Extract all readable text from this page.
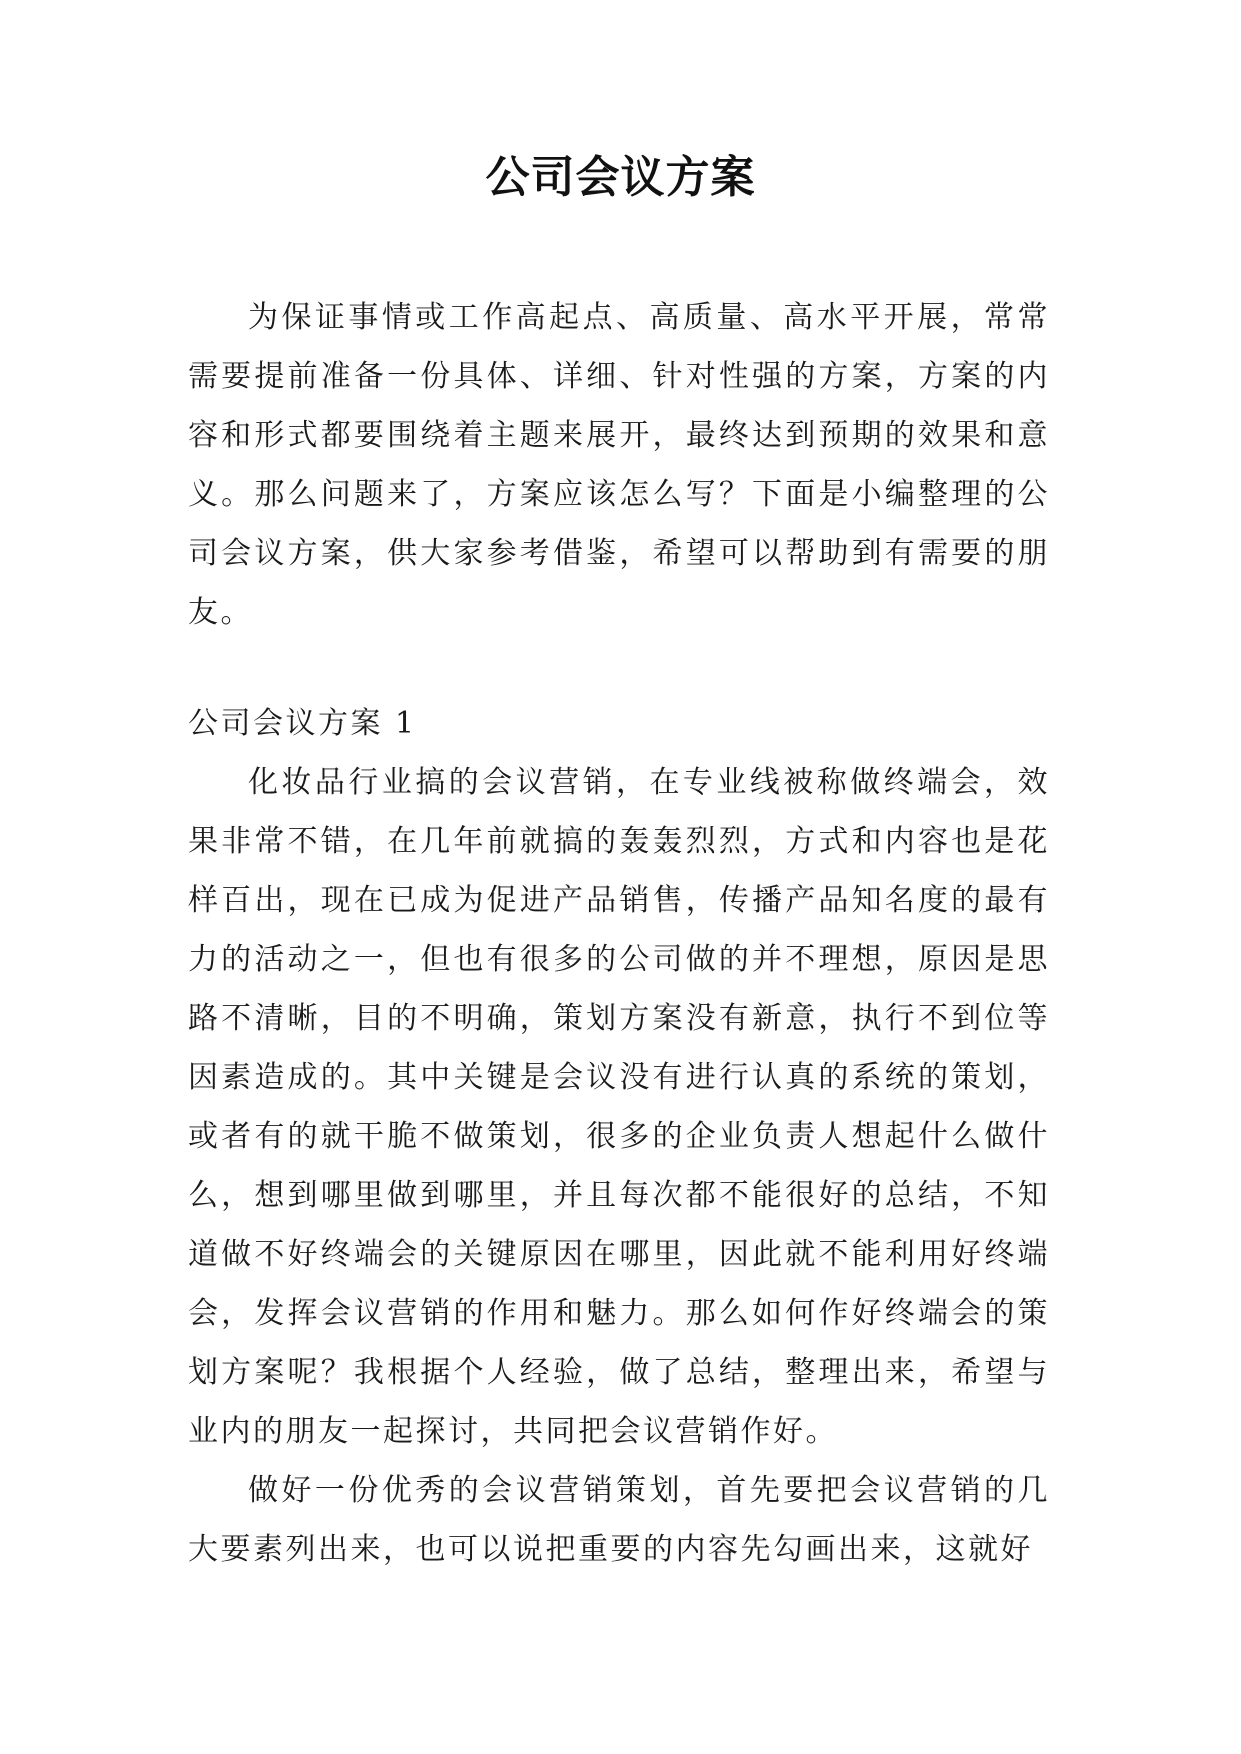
公司会议方案

为保证事情或工作高起点、高质量、高水平开展，常常需要提前准备一份具体、详细、针对性强的方案，方案的内容和形式都要围绕着主题来展开，最终达到预期的效果和意义。那么问题来了，方案应该怎么写？下面是小编整理的公司会议方案，供大家参考借鉴，希望可以帮助到有需要的朋友。

公司会议方案 1

化妆品行业搞的会议营销，在专业线被称做终端会，效果非常不错，在几年前就搞的轰轰烈烈，方式和内容也是花样百出，现在已成为促进产品销售，传播产品知名度的最有力的活动之一，但也有很多的公司做的并不理想，原因是思路不清晰，目的不明确，策划方案没有新意，执行不到位等因素造成的。其中关键是会议没有进行认真的系统的策划，或者有的就干脆不做策划，很多的企业负责人想起什么做什么，想到哪里做到哪里，并且每次都不能很好的总结，不知道做不好终端会的关键原因在哪里，因此就不能利用好终端会，发挥会议营销的作用和魅力。那么如何作好终端会的策划方案呢？我根据个人经验，做了总结，整理出来，希望与业内的朋友一起探讨，共同把会议营销作好。

做好一份优秀的会议营销策划，首先要把会议营销的几大要素列出来，也可以说把重要的内容先勾画出来，这就好
